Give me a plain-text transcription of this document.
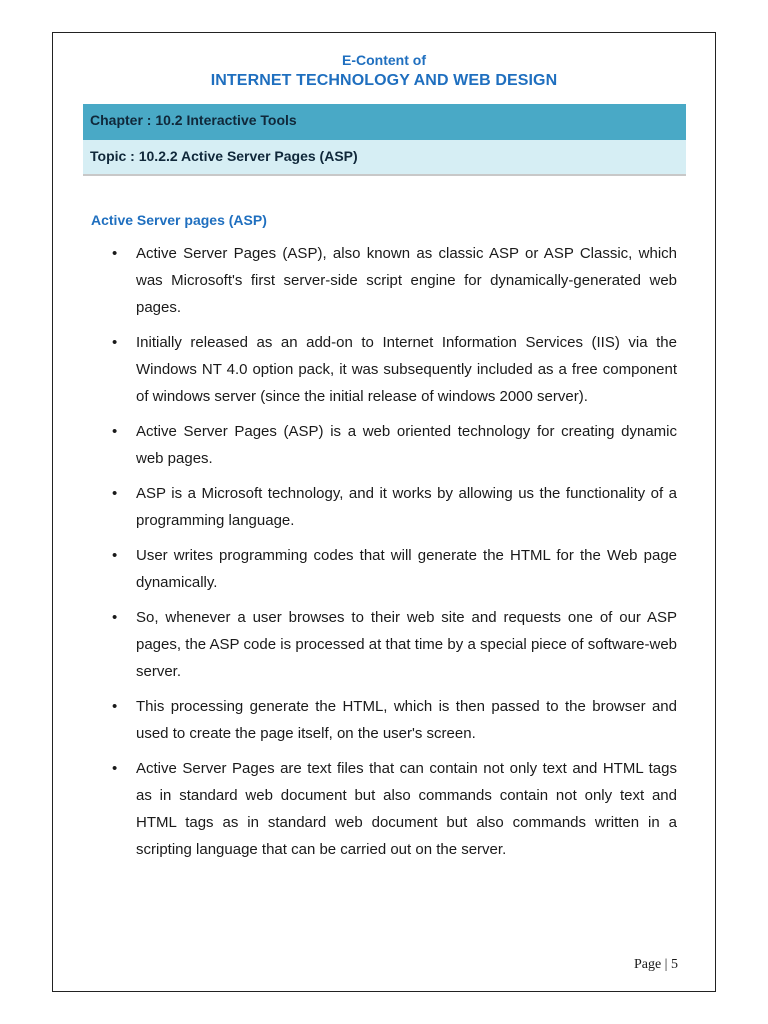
E-Content of
INTERNET TECHNOLOGY AND WEB DESIGN
Chapter : 10.2 Interactive Tools
Topic : 10.2.2 Active Server Pages (ASP)
Active Server pages (ASP)
• Active Server Pages (ASP), also known as classic ASP or ASP Classic, which was Microsoft's first server-side script engine for dynamically-generated web pages.
• Initially released as an add-on to Internet Information Services (IIS) via the Windows NT 4.0 option pack, it was subsequently included as a free component of windows server (since the initial release of windows 2000 server).
• Active Server Pages (ASP) is a web oriented technology for creating dynamic web pages.
• ASP is a Microsoft technology, and it works by allowing us the functionality of a programming language.
• User writes programming codes that will generate the HTML for the Web page dynamically.
• So, whenever a user browses to their web site and requests one of our ASP pages, the ASP code is processed at that time by a special piece of software-web server.
• This processing generate the HTML, which is then passed to the browser and used to create the page itself, on the user's screen.
• Active Server Pages are text files that can contain not only text and HTML tags as in standard web document but also commands contain not only text and HTML tags as in standard web document but also commands written in a scripting language that can be carried out on the server.
Page | 5
